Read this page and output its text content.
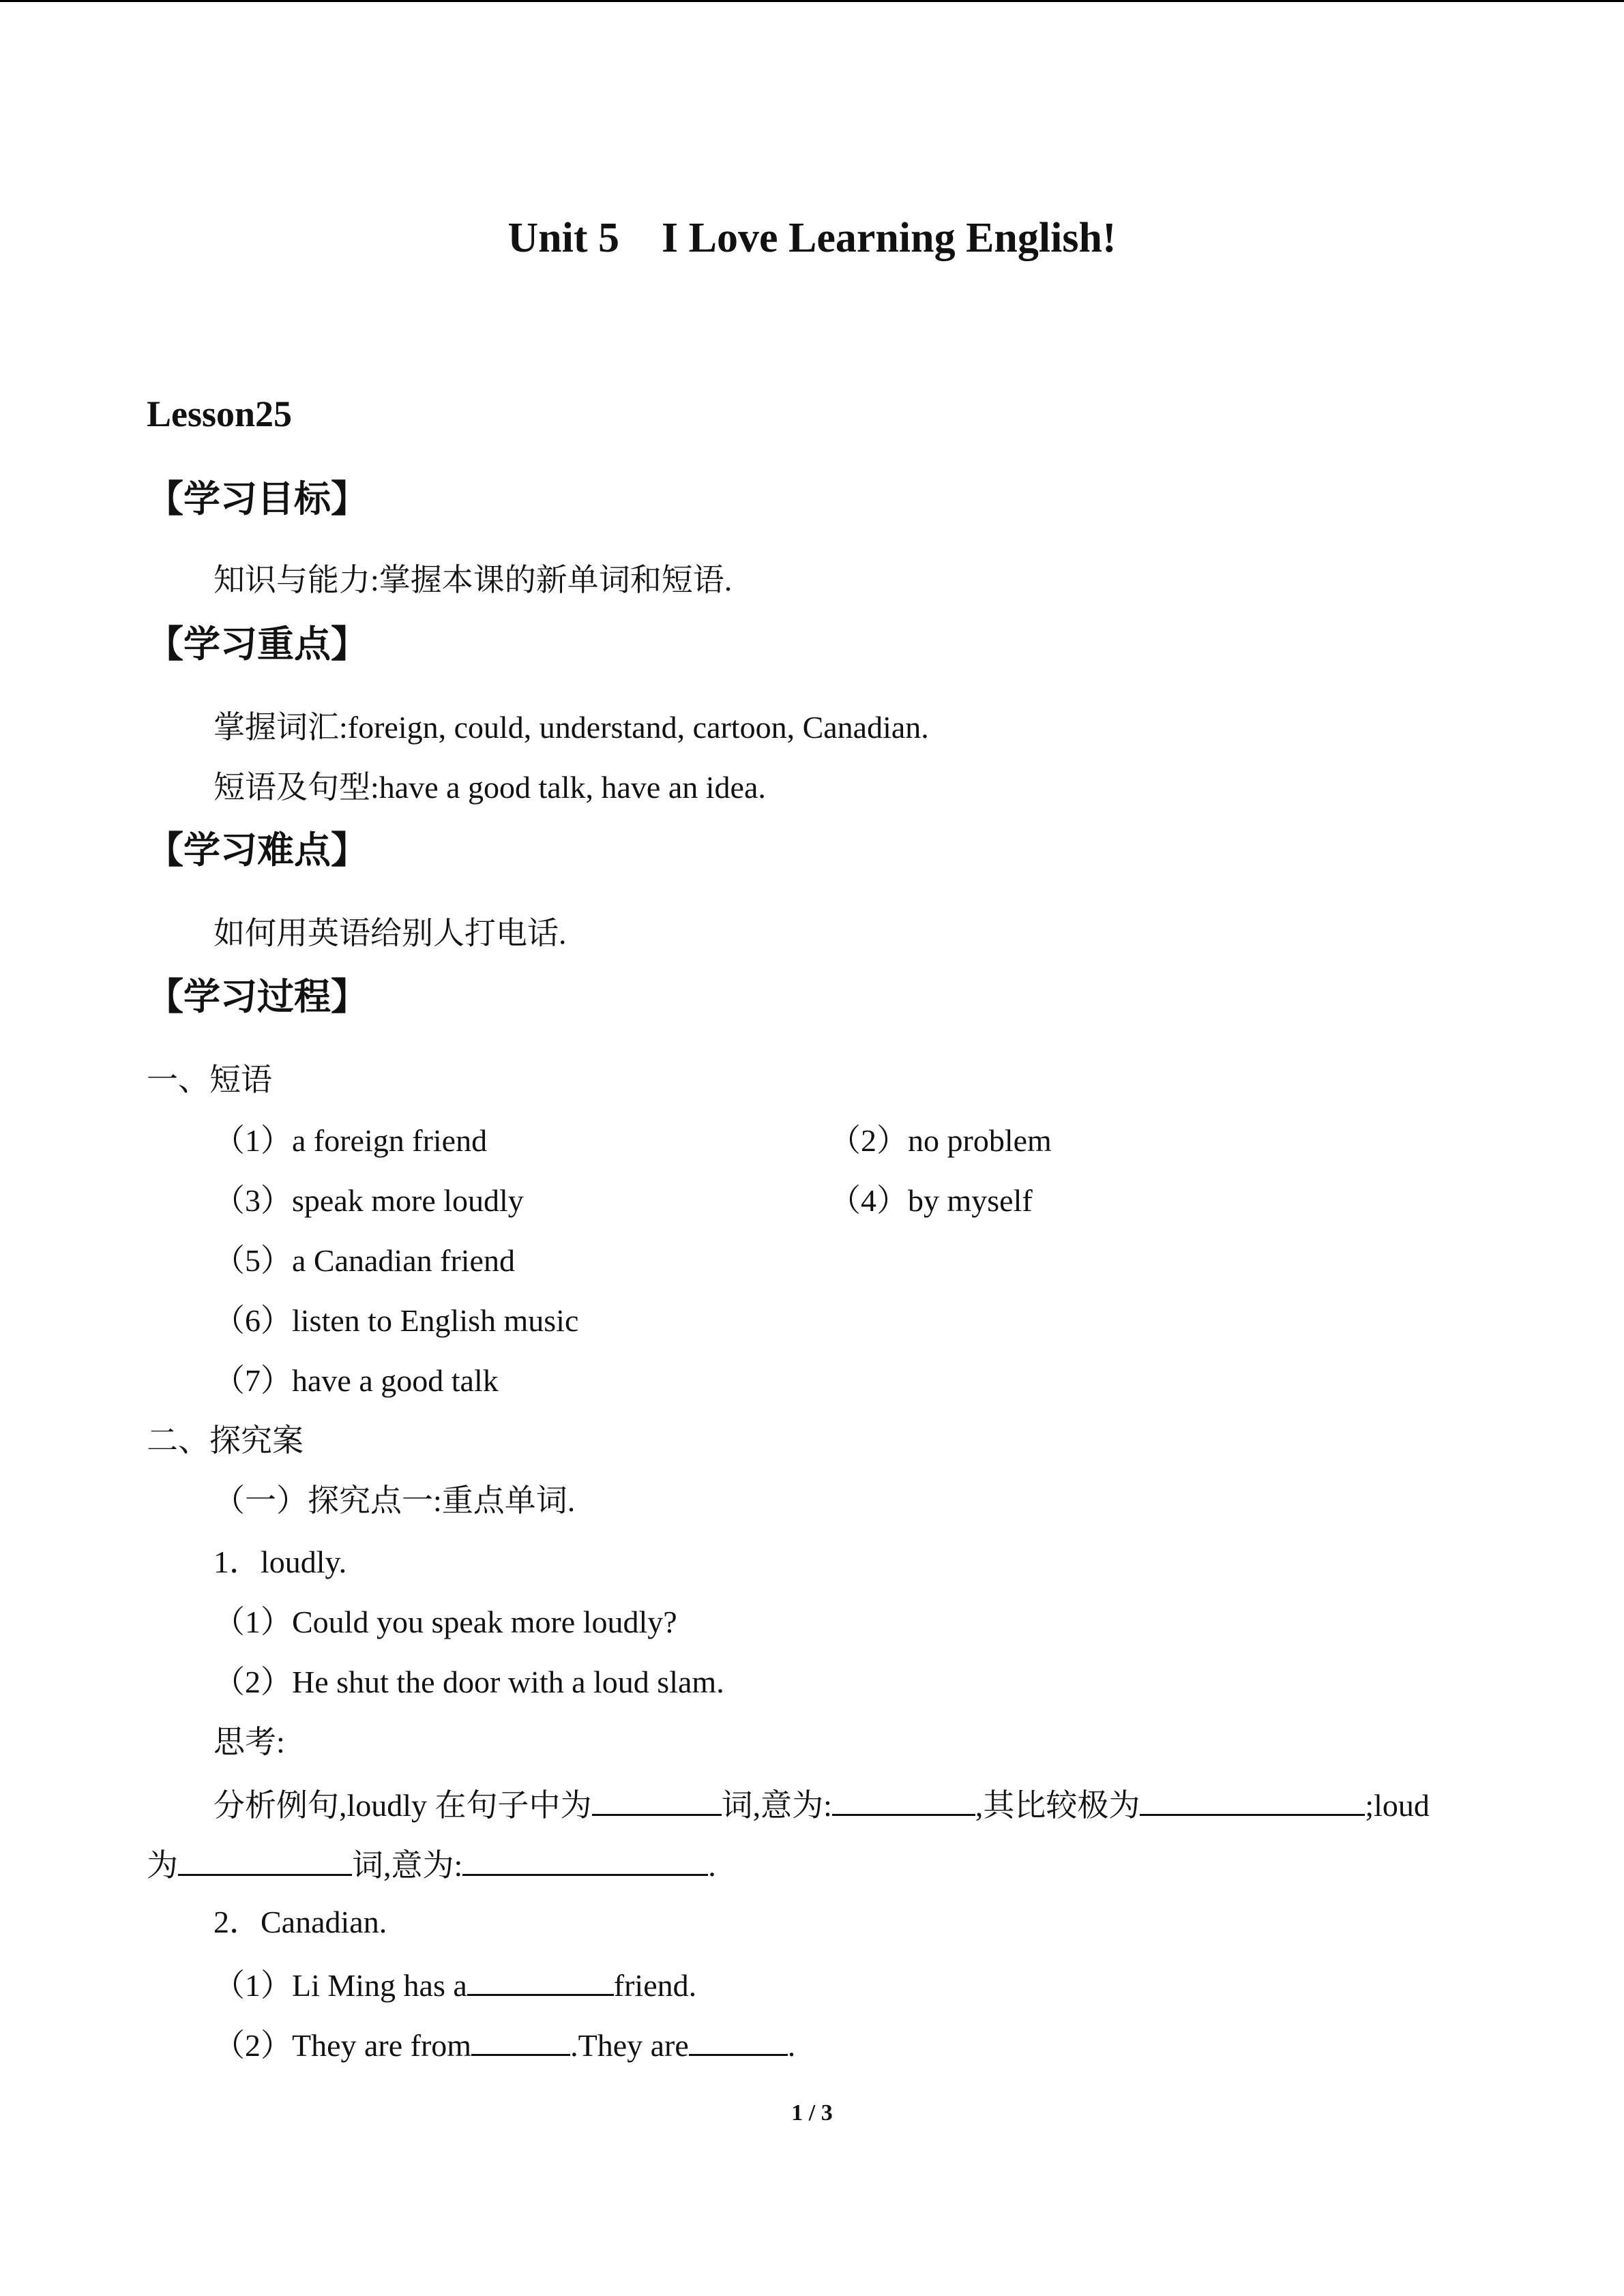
Unit 5 I Love Learning English!
Lesson25
【学习目标】
知识与能力:掌握本课的新单词和短语.
【学习重点】
掌握词汇:foreign, could, understand, cartoon, Canadian.
短语及句型:have a good talk, have an idea.
【学习难点】
如何用英语给别人打电话.
【学习过程】
一、短语
（1）a foreign friend	（2）no problem
（3）speak more loudly	（4）by myself
（5）a Canadian friend
（6）listen to English music
（7）have a good talk
二、探究案
（一）探究点一:重点单词.
1．loudly.
（1）Could you speak more loudly?
（2）He shut the door with a loud slam.
思考:
分析例句,loudly 在句子中为	词,意为:	,其比较极为	;loud
为	词,意为:	.
2．Canadian.
（1）Li Ming has a	friend.
（2）They are from	.They are	.
1 / 3
